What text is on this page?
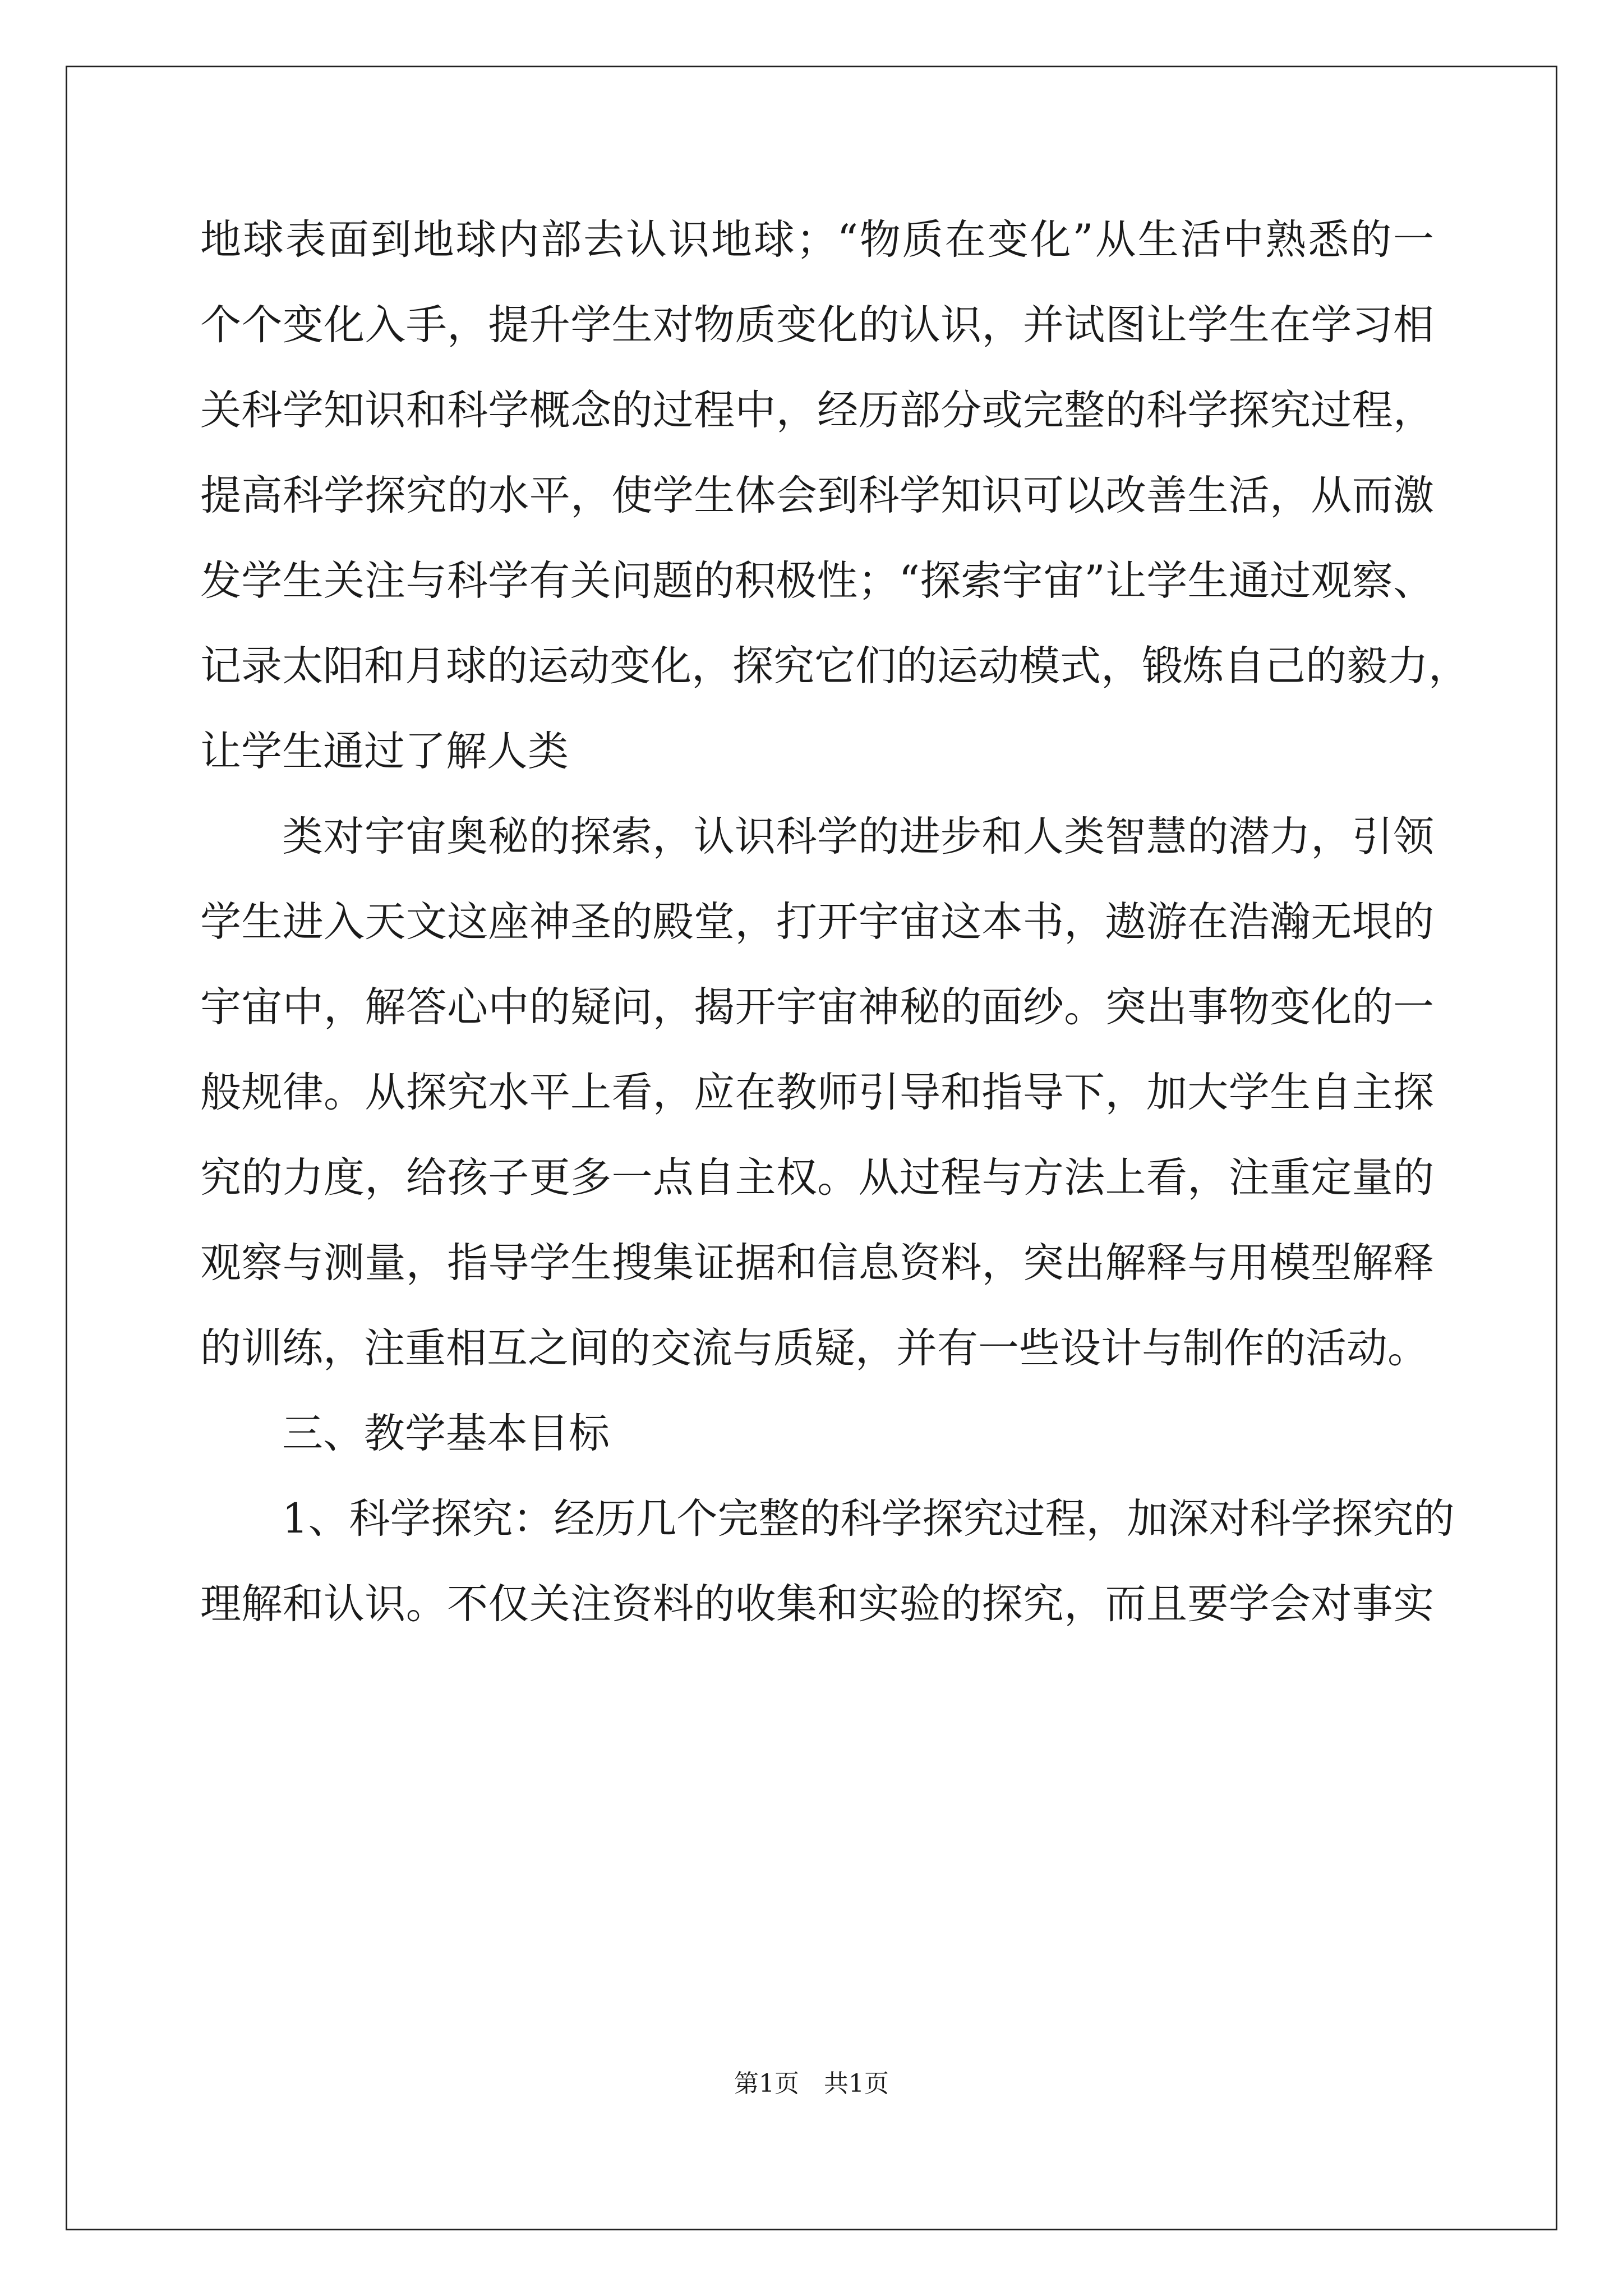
地球表面到地球内部去认识地球；“物质在变化”从生活中熟悉的一
个个变化入手，提升学生对物质变化的认识，并试图让学生在学习相
关科学知识和科学概念的过程中，经历部分或完整的科学探究过程，
提高科学探究的水平，使学生体会到科学知识可以改善生活，从而激
发学生关注与科学有关问题的积极性；“探索宇宙”让学生通过观察、
记录太阳和月球的运动变化，探究它们的运动模式，锻炼自己的毅力，
让学生通过了解人类
类对宇宙奥秘的探索，认识科学的进步和人类智慧的潜力，引领
学生进入天文这座神圣的殿堂，打开宇宙这本书，遨游在浩瀚无垠的
宇宙中，解答心中的疑问，揭开宇宙神秘的面纱。突出事物变化的一
般规律。从探究水平上看，应在教师引导和指导下，加大学生自主探
究的力度，给孩子更多一点自主权。从过程与方法上看，注重定量的
观察与测量，指导学生搜集证据和信息资料，突出解释与用模型解释
的训练，注重相互之间的交流与质疑，并有一些设计与制作的活动。
三、教学基本目标
1、科学探究：经历几个完整的科学探究过程，加深对科学探究的
理解和认识。不仅关注资料的收集和实验的探究，而且要学会对事实
第1页　共1页
